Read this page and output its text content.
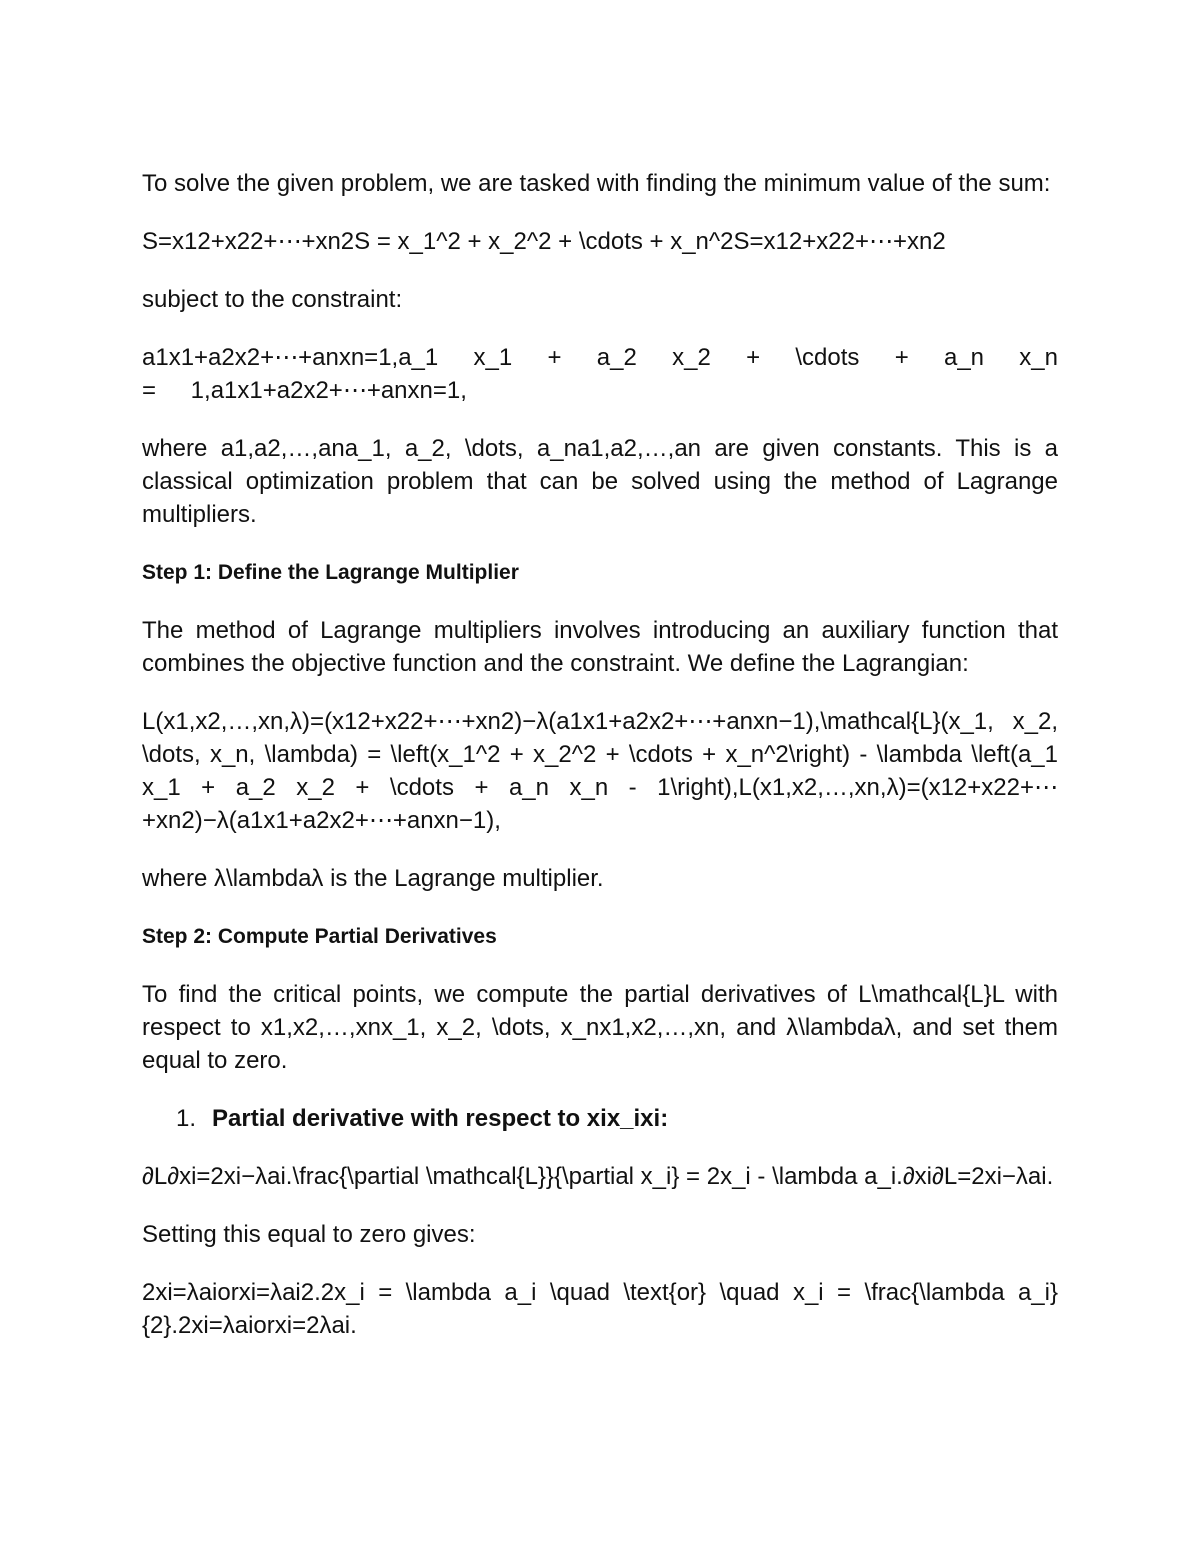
To solve the given problem, we are tasked with finding the minimum value of the sum:

S=x12+x22+⋯+xn2S = x_1^2 + x_2^2 + \cdots + x_n^2S=x12+x22+⋯+xn2

subject to the constraint:

a1x1+a2x2+⋯+anxn=1,a_1 x_1 + a_2 x_2 + \cdots + a_n x_n = 1,a1x1+a2x2+⋯+anxn=1,

where a1,a2,…,ana_1, a_2, \dots, a_na1,a2,…,an are given constants. This is a classical optimization problem that can be solved using the method of Lagrange multipliers.

Step 1: Define the Lagrange Multiplier

The method of Lagrange multipliers involves introducing an auxiliary function that combines the objective function and the constraint. We define the Lagrangian:

L(x1,x2,…,xn,λ)=(x12+x22+⋯+xn2)−λ(a1x1+a2x2+⋯+anxn−1),\mathcal{L}(x_1, x_2, \dots, x_n, \lambda) = \left(x_1^2 + x_2^2 + \cdots + x_n^2\right) - \lambda \left(a_1 x_1 + a_2 x_2 + \cdots + a_n x_n - 1\right),L(x1,x2,…,xn,λ)=(x12+x22+⋯+xn2)−λ(a1x1+a2x2+⋯+anxn−1),

where λ\lambdaλ is the Lagrange multiplier.

Step 2: Compute Partial Derivatives

To find the critical points, we compute the partial derivatives of L\mathcal{L}L with respect to x1,x2,…,xnx_1, x_2, \dots, x_nx1,x2,…,xn, and λ\lambdaλ, and set them equal to zero.

1. Partial derivative with respect to xix_ixi:

∂L∂xi=2xi−λai.\frac{\partial \mathcal{L}}{\partial x_i} = 2x_i - \lambda a_i.∂xi∂L=2xi−λai.

Setting this equal to zero gives:

2xi=λaiorxi=λai2.2x_i = \lambda a_i \quad \text{or} \quad x_i = \frac{\lambda a_i}{2}.2xi=λaiorxi=2λai.
